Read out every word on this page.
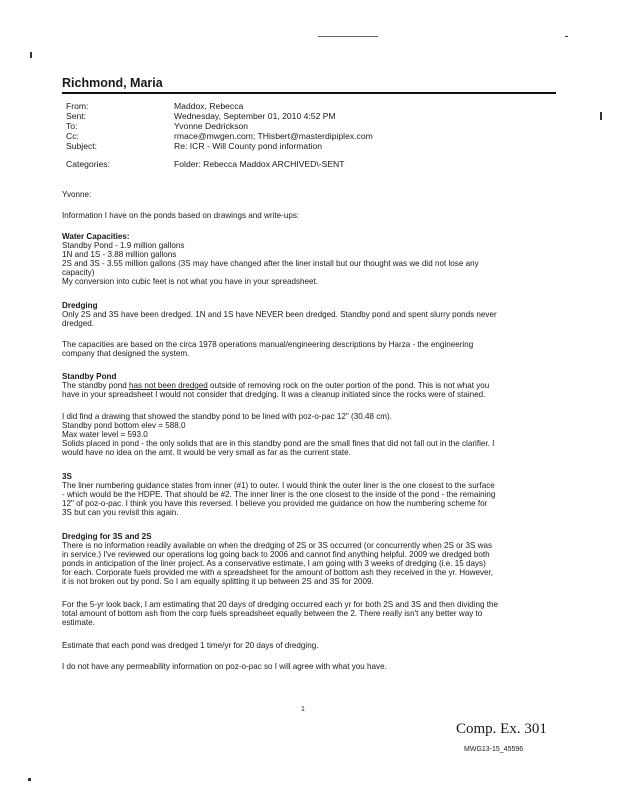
Richmond, Maria
From:	Maddox, Rebecca
Sent:	Wednesday, September 01, 2010 4:52 PM
To:	Yvonne Dedrickson
Cc:	rmace@mwgen.com; THisbert@masterdipiplex.com
Subject:	Re: ICR - Will County pond information
Categories:	Folder: Rebecca Maddox ARCHIVED\-SENT
Yvonne:
Information I have on the ponds based on drawings and write-ups:
Water Capacities:
Standby Pond - 1.9 million gallons
1N and 1S - 3.88 million gallons
2S and 3S - 3.55 million gallons (3S may have changed after the liner install but our thought was we did not lose any
capacity)
My conversion into cubic feet is not what you have in your spreadsheet.
Dredging
Only 2S and 3S have been dredged. 1N and 1S have NEVER been dredged. Standby pond and spent slurry ponds never
dredged.
The capacities are based on the circa 1978 operations manual/engineering descriptions by Harza - the engineering
company that designed the system.
Standby Pond
The standby pond has not been dredged outside of removing rock on the outer portion of the pond. This is not what you
have in your spreadsheet I would not consider that dredging. It was a cleanup initiated since the rocks were of stained.
I did find a drawing that showed the standby pond to be lined with poz-o-pac 12" (30.48 cm).
Standby pond bottom elev = 588.0
Max water level = 593.0
Solids placed in pond - the only solids that are in this standby pond are the small fines that did not fall out in the clarifier. I
would have no idea on the amt. It would be very small as far as the current state.
3S
The liner numbering guidance states from inner (#1) to outer. I would think the outer liner is the one closest to the surface
- which would be the HDPE. That should be #2. The inner liner is the one closest to the inside of the pond - the remaining
12" of poz-o-pac. I think you have this reversed. I believe you provided me guidance on how the numbering scheme for
3S but can you revisit this again.
Dredging for 3S and 2S
There is no information readily available on when the dredging of 2S or 3S occurred (or concurrently when 2S or 3S was
in service.) I've reviewed our operations log going back to 2006 and cannot find anything helpful. 2009 we dredged both
ponds in anticipation of the liner project. As a conservative estimate, I am going with 3 weeks of dredging (i.e. 15 days)
for each. Corporate fuels provided me with a spreadsheet for the amount of bottom ash they received in the yr. However,
it is not broken out by pond. So I am equally splitting it up between 2S and 3S for 2009.
For the 5-yr look back, I am estimating that 20 days of dredging occurred each yr for both 2S and 3S and then dividing the
total amount of bottom ash from the corp fuels spreadsheet equally between the 2. There really isn't any better way to
estimate.
Estimate that each pond was dredged 1 time/yr for 20 days of dredging.
I do not have any permeability information on poz-o-pac so I will agree with what you have.
1
Comp. Ex. 301
MWG13-15_45596
